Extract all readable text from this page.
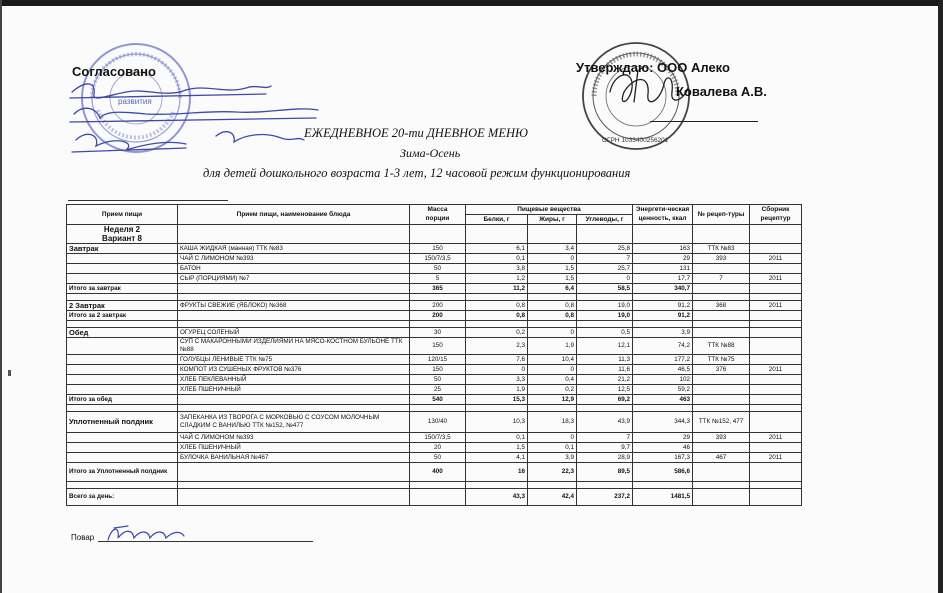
развития
ОГРН 1033400256201
Согласовано	Утверждаю: ООО Алеко
Ковалева А.В.
ЕЖЕДНЕВНОЕ 20-ти ДНЕВНОЕ МЕНЮ
Зима-Осень
для детей дошкольного возраста 1-3 лет, 12 часовой режим функционирования
Прием пищи	Прием пищи, наименование блюда	Масса	Пищевые вещества			Энергети-ческая	№ рецеп-туры	Сборник
		порции	Белки, г	Жиры, г	Углеводы, г	ценность, ккал		рецептур

Неделя 2
Вариант 8								

Завтрак	КАША ЖИДКАЯ (манная) ТТК №83	150	6,1	3,4	25,8	163	ТТК №83	
	ЧАЙ С ЛИМОНОМ №393	150/7/3,5	0,1	0	7	29	393	2011
	БАТОН	50	3,8	1,5	25,7	131		
	СЫР (ПОРЦИЯМИ) №7	5	1,2	1,5	0	17,7	7	2011
Итого за завтрак		365	11,2	6,4	58,5	340,7		

2 Завтрак	ФРУКТЫ СВЕЖИЕ (ЯБЛОКО) №368	200	0,8	0,8	19,0	91,2	368	2011
Итого за 2 завтрак		200	0,8	0,8	19,0	91,2		

Обед	ОГУРЕЦ СОЛЕНЫЙ	30	0,2	0	0,5	3,9		
	СУП С МАКАРОННЫМИ ИЗДЕЛИЯМИ НА МЯСО-КОСТНОМ БУЛЬОНЕ ТТК №88	150	2,3	1,9	12,1	74,2	ТТК №88	
	ГОЛУБЦЫ ЛЕНИВЫЕ ТТК №75	120/15	7,6	10,4	11,3	177,2	ТТК №75	
	КОМПОТ ИЗ СУШЕНЫХ ФРУКТОВ №376	150	0	0	11,6	46,5	376	2011
	ХЛЕБ ПЕКЛЕВАННЫЙ	50	3,3	0,4	21,2	102		
	ХЛЕБ ПШЕНИЧНЫЙ	25	1,9	0,2	12,5	59,2		
Итого за обед		540	15,3	12,9	69,2	463		

Уплотненный полдник	ЗАПЕКАНКА ИЗ ТВОРОГА С МОРКОВЬЮ С СОУСОМ МОЛОЧНЫМ СЛАДКИМ С ВАНИЛЬЮ ТТК №152, №477	130/40	10,3	18,3	43,9	344,3	ТТК №152, 477	
	ЧАЙ С ЛИМОНОМ №393	150/7/3,5	0,1	0	7	29	393	2011
	ХЛЕБ ПШЕНИЧНЫЙ	20	1,5	0,1	9,7	46		
	БУЛОЧКА ВАНИЛЬНАЯ №467	50	4,1	3,9	28,9	167,3	467	2011
Итого за Уплотненный полдник		400	16	22,3	89,5	586,6		

Всего за день:			43,3	42,4	237,2	1481,5		
Повар
